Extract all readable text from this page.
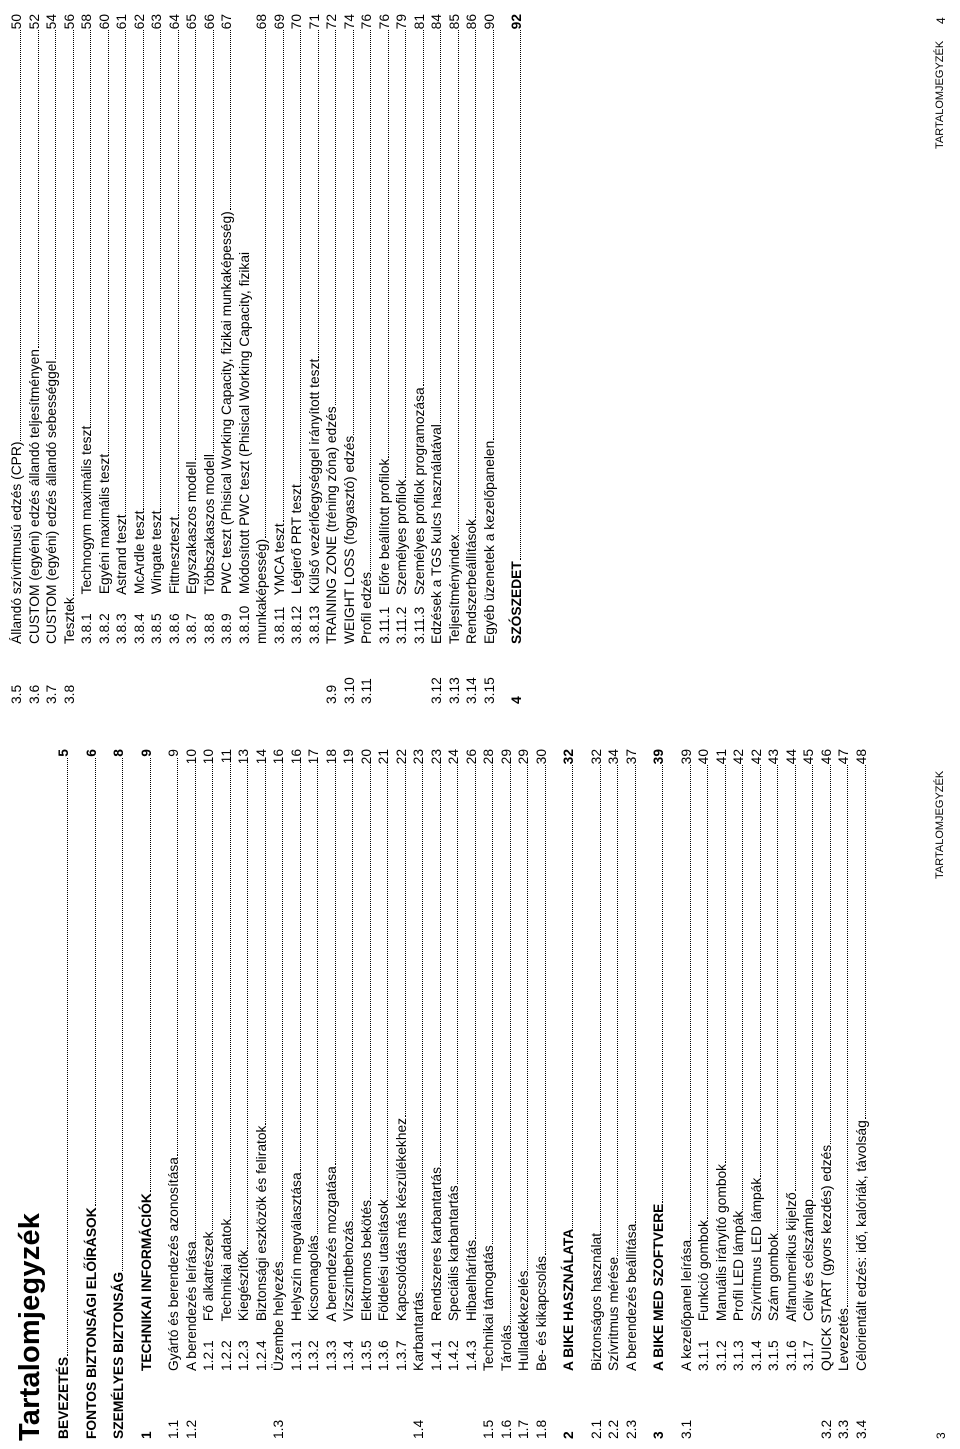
Tartalomjegyzék BEVEZETÉS
5
FONTOS BIZTONSÁGI ELŐÍRÁSOK
6
SZEMÉLYES BIZTONSÁG
8
1
TECHNIKAI INFORMÁCIÓK
9
1.1
Gyártó és berendezés azonosítása
9
1.2
A berendezés leírása
10
1.2.1     Fő alkatrészek
10
1.2.2     Technikai adatok
11
1.2.3     Kiegészítők
13
1.2.4     Biztonsági eszközök és feliratok
14
1.3
Üzembe helyezés
16
1.3.1     Helyszín megválasztása
16
1.3.2     Kicsomagolás
17
1.3.3     A berendezés mozgatása
18
1.3.4     Vízszintbehozás
19
1.3.5     Elektromos bekötés
20
1.3.6     Földelési utasítások
21
1.3.7     Kapcsolódás más készülékekhez
22
1.4
Karbantartás
23
1.4.1     Rendszeres karbantartás
23
1.4.2     Speciális karbantartás
24
1.4.3     Hibaelhárítás
26
1.5
Technikai támogatás
28
1.6
Tárolás
29
1.7
Hulladékkezelés
29
1.8
Be- és kikapcsolás
30
2
A BIKE HASZNÁLATA
32
2.1
Biztonságos használat
32
2.2
Szívritmus mérése
34
2.3
A berendezés beállítása
37
3
A BIKE MED SZOFTVERE
39
3.1
A kezelőpanel leírása
39
3.1.1     Funkció gombok
40
3.1.2     Manuális irányító gombok
41
3.1.3     Profil LED lámpák
42
3.1.4     Szívritmus LED lámpák
42
3.1.5     Szám gombok
43
3.1.6     Alfanumerikus kijelző
44
3.1.7     Céliv és célszámlap
45
3.2
QUICK START (gyors kezdés) edzés
46
3.3
Levezetés
47
3.4
Célorientált edzés: idő, kalóriák, távolság
48
3.5
Állandó szívritmusú edzés (CPR)
50
3.6
CUSTOM (egyéni) edzés állandó teljesítményen
52
3.7
CUSTOM (egyéni) edzés állandó sebességgel
54
3.8
Tesztek
56
3.8.1     Technogym maximális teszt
58
3.8.2     Egyéni maximális teszt
60
3.8.3     Astrand teszt
61
3.8.4     McArdle teszt
62
3.8.5     Wingate teszt
63
3.8.6     Fittneszteszt
64
3.8.7     Egyszakaszos modell
65
3.8.8     Többszakaszos modell
66
3.8.9     PWC teszt (Phisical Working Capacity, fizikai munkaképesség)
67
3.8.10   Módosított PWC teszt (Phisical Working Capacity, fizikai munkaképesség)
68
3.8.11   YMCA teszt
69
3.8.12   Légierő PRT teszt
70
3.8.13   Külső vezérlőegységgel irányított teszt
71
3.9
TRAINING ZONE (tréning zóna) edzés
72
3.10
WEIGHT LOSS (fogyasztó) edzés
74
3.11
Profil edzés
76
3.11.1   Előre beállított profilok
76
3.11.2   Személyes profilok
79
3.11.3   Személyes profilok programozása
81
3.12
Edzések a TGS kulcs használatával
84
3.13
Teljesítményindex
85
3.14
Rendszerbeállítások
86
3.15
Egyéb üzenetek a kezelőpanelen
90
4
SZÓSZEDET
92
3
TARTALOMJEGYZÉK
TARTALOMJEGYZÉK
4
